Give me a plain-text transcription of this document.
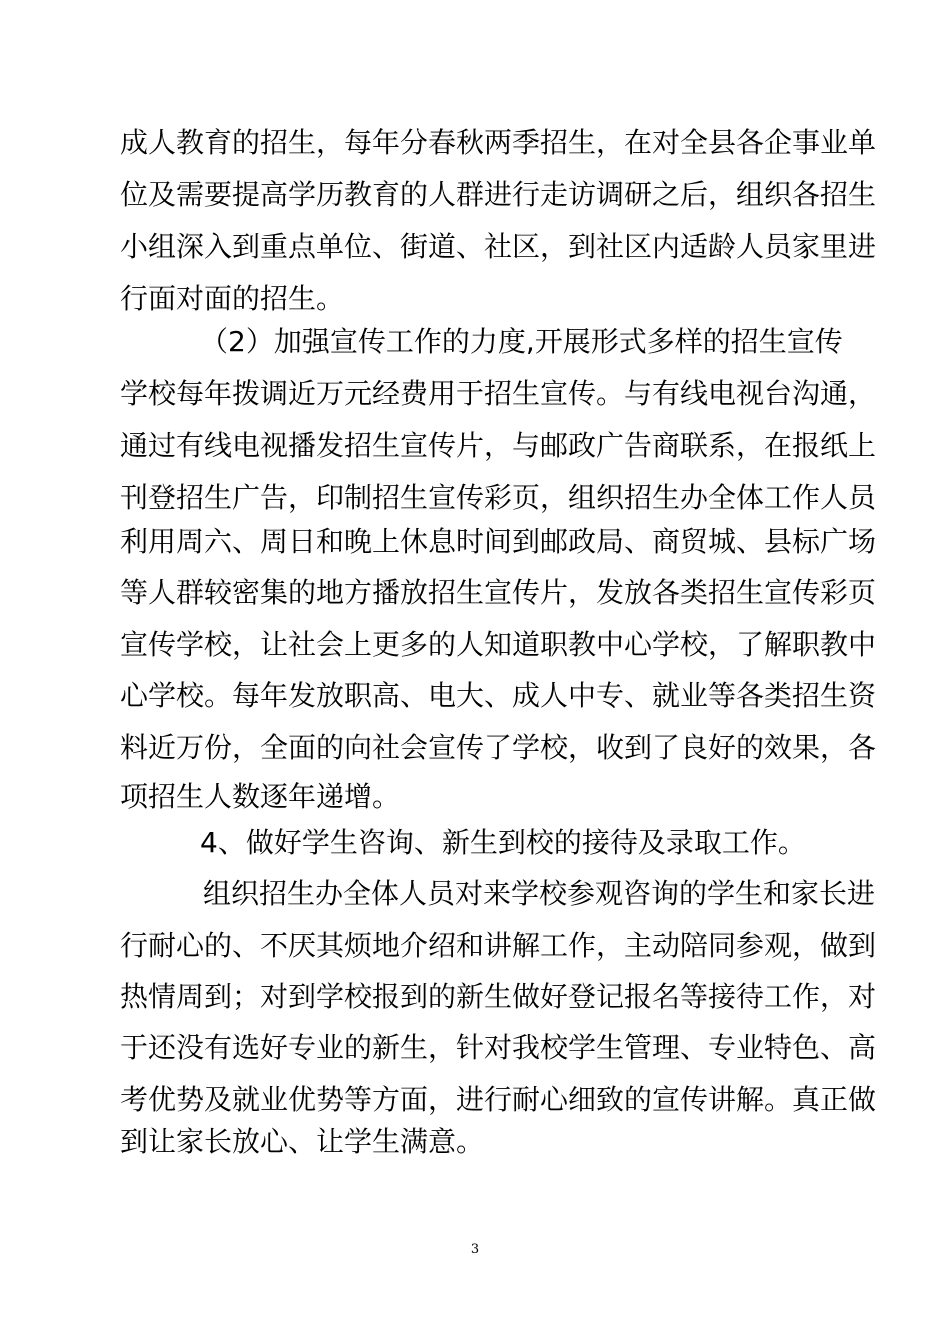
成人教育的招生，每年分春秋两季招生，在对全县各企事业单
位及需要提高学历教育的人群进行走访调研之后，组织各招生
小组深入到重点单位、街道、社区，到社区内适龄人员家里进
行面对面的招生。
（2）加强宣传工作的力度,开展形式多样的招生宣传
学校每年拨调近万元经费用于招生宣传。与有线电视台沟通，
通过有线电视播发招生宣传片，与邮政广告商联系，在报纸上
刊登招生广告，印制招生宣传彩页，组织招生办全体工作人员
利用周六、周日和晚上休息时间到邮政局、商贸城、县标广场
等人群较密集的地方播放招生宣传片，发放各类招生宣传彩页
宣传学校，让社会上更多的人知道职教中心学校，了解职教中
心学校。每年发放职高、电大、成人中专、就业等各类招生资
料近万份，全面的向社会宣传了学校，收到了良好的效果，各
项招生人数逐年递增。
4、做好学生咨询、新生到校的接待及录取工作。
组织招生办全体人员对来学校参观咨询的学生和家长进
行耐心的、不厌其烦地介绍和讲解工作，主动陪同参观，做到
热情周到；对到学校报到的新生做好登记报名等接待工作，对
于还没有选好专业的新生，针对我校学生管理、专业特色、高
考优势及就业优势等方面，进行耐心细致的宣传讲解。真正做
到让家长放心、让学生满意。
3
